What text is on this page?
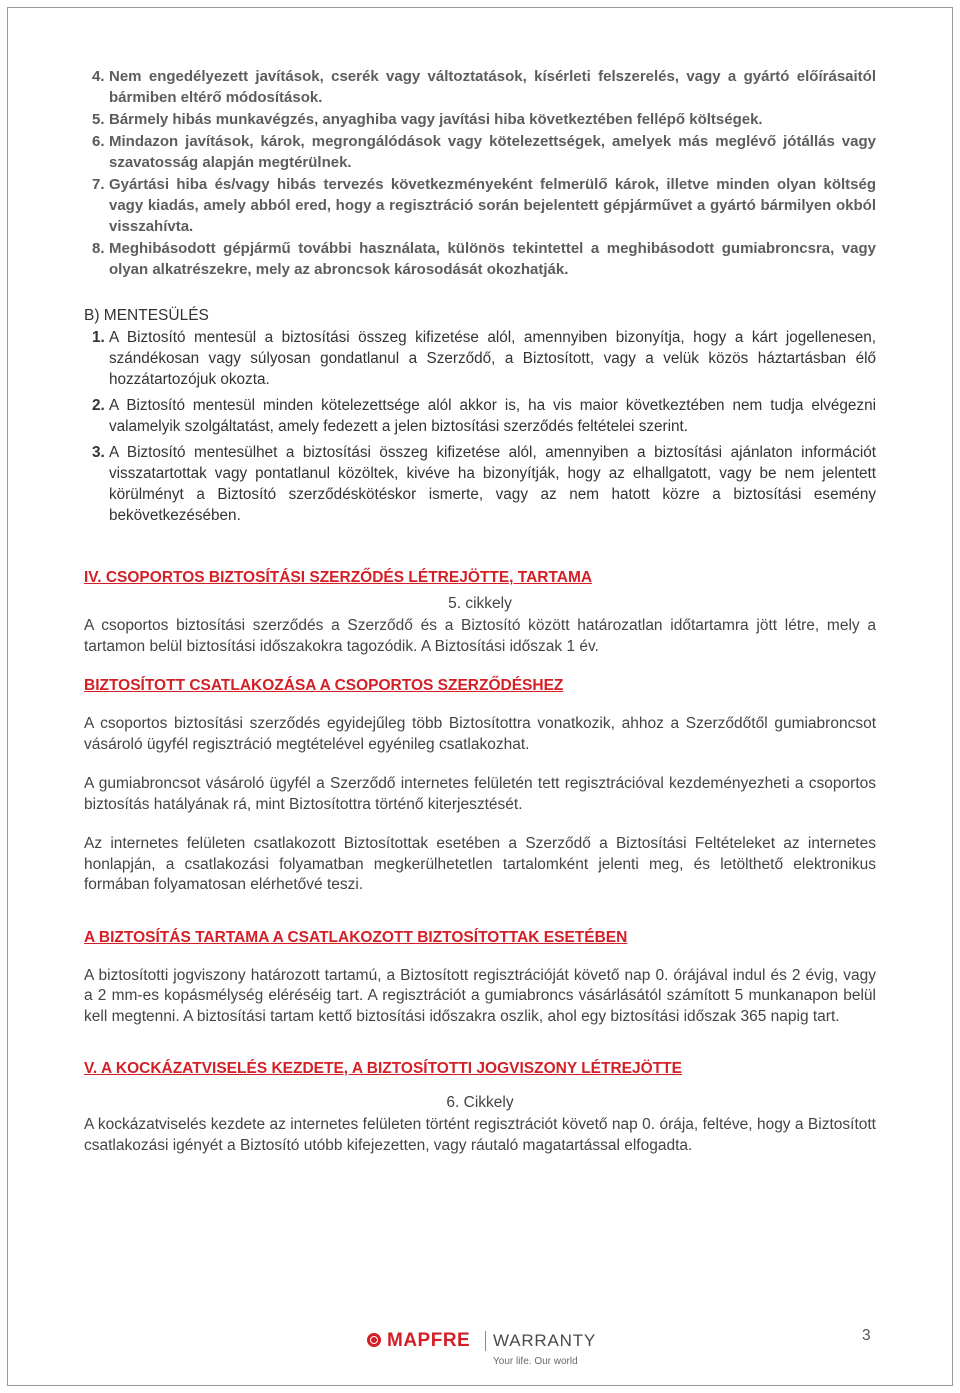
4. Nem engedélyezett javítások, cserék vagy változtatások, kísérleti felszerelés, vagy a gyártó előírásaitól bármiben eltérő módosítások.
5. Bármely hibás munkavégzés, anyaghiba vagy javítási hiba következtében fellépő költségek.
6. Mindazon javítások, károk, megrongálódások vagy kötelezettségek, amelyek más meglévő jótállás vagy szavatosság alapján megtérülnek.
7. Gyártási hiba és/vagy hibás tervezés következményeként felmerülő károk, illetve minden olyan költség vagy kiadás, amely abból ered, hogy a regisztráció során bejelentett gépjárművet a gyártó bármilyen okból visszahívta.
8. Meghibásodott gépjármű további használata, különös tekintettel a meghibásodott gumiabroncsra, vagy olyan alkatrészekre, mely az abroncsok károsodását okozhatják.
B) MENTESÜLÉS
1. A Biztosító mentesül a biztosítási összeg kifizetése alól, amennyiben bizonyítja, hogy a kárt jogellenesen, szándékosan vagy súlyosan gondatlanul a Szerződő, a Biztosított, vagy a velük közös háztartásban élő hozzátartozójuk okozta.
2. A Biztosító mentesül minden kötelezettsége alól akkor is, ha vis maior következtében nem tudja elvégezni valamelyik szolgáltatást, amely fedezett a jelen biztosítási szerződés feltételei szerint.
3. A Biztosító mentesülhet a biztosítási összeg kifizetése alól, amennyiben a biztosítási ajánlaton információt visszatartottak vagy pontatlanul közöltek, kivéve ha bizonyítják, hogy az elhallgatott, vagy be nem jelentett körülményt a Biztosító szerződéskötéskor ismerte, vagy az nem hatott közre a biztosítási esemény bekövetkezésében.
IV. CSOPORTOS BIZTOSÍTÁSI SZERZŐDÉS LÉTREJÖTTE, TARTAMA
5. cikkely

A csoportos biztosítási szerződés a Szerződő és a Biztosító között határozatlan időtartamra jött létre, mely a tartamon belül biztosítási időszakokra tagozódik. A Biztosítási időszak 1 év.

BIZTOSÍTOTT CSATLAKOZÁSA A CSOPORTOS SZERZŐDÉSHEZ

A csoportos biztosítási szerződés egyidejűleg több Biztosítottra vonatkozik, ahhoz a Szerződőtől gumiabroncsot vásároló ügyfél regisztráció megtételével egyénileg csatlakozhat.

A gumiabroncsot vásároló ügyfél a Szerződő internetes felületén tett regisztrációval kezdeményezheti a csoportos biztosítás hatályának rá, mint Biztosítottra történő kiterjesztését.

Az internetes felületen csatlakozott Biztosítottak esetében a Szerződő a Biztosítási Feltételeket az internetes honlapján, a csatlakozási folyamatban megkerülhetetlen tartalomként jelenti meg, és letölthető elektronikus formában folyamatosan elérhetővé teszi.

A BIZTOSÍTÁS TARTAMA A CSATLAKOZOTT BIZTOSÍTOTTAK ESETÉBEN

A biztosítotti jogviszony határozott tartamú, a Biztosított regisztrációját követő nap 0. órájával indul és 2 évig, vagy a 2 mm-es kopásmélység eléréséig tart. A regisztrációt a gumiabroncs vásárlásától számított 5 munkanapon belül kell megtenni. A biztosítási tartam kettő biztosítási időszakra oszlik, ahol egy biztosítási időszak 365 napig tart.

V. A KOCKÁZATVISELÉS KEZDETE, A BIZTOSÍTOTTI JOGVISZONY LÉTREJÖTTE
6. Cikkely

A kockázatviselés kezdete az internetes felületen történt regisztrációt követő nap 0. órája, feltéve, hogy a Biztosított csatlakozási igényét a Biztosító utóbb kifejezetten, vagy ráutaló magatartással elfogadta.

MAPFRE WARRANTY
Your life. Our world
3
